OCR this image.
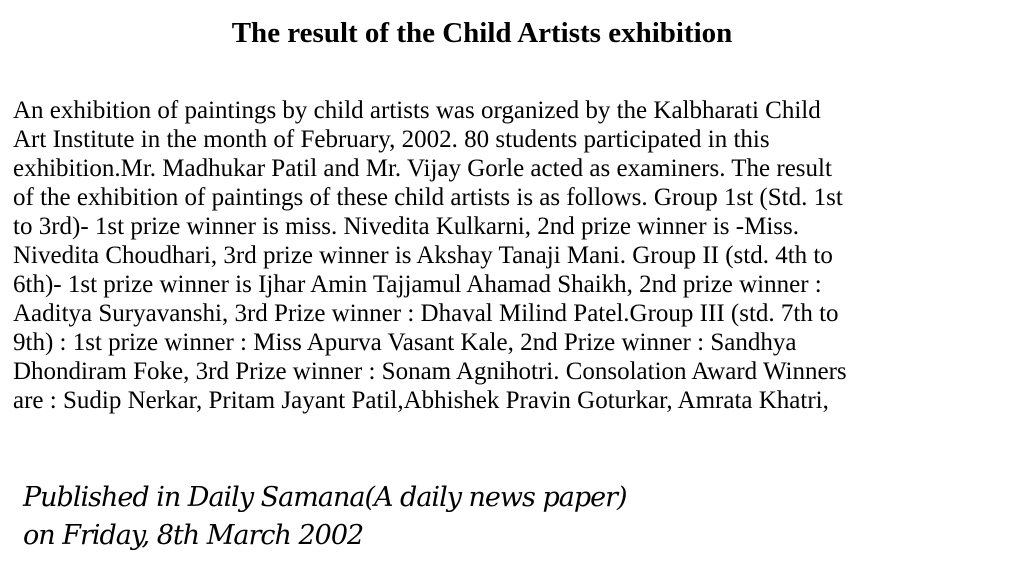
The result of the Child Artists exhibition
An exhibition of paintings by child artists was organized by the Kalbharati Child
Art Institute in the month of February, 2002. 80 students participated in this
exhibition.Mr. Madhukar Patil and Mr. Vijay Gorle acted as examiners. The result
of the exhibition of paintings of these child artists is as follows. Group 1st (Std. 1st
to 3rd)- 1st prize winner is miss. Nivedita Kulkarni, 2nd prize winner is -Miss.
Nivedita Choudhari, 3rd prize winner is Akshay Tanaji Mani. Group II (std. 4th to
6th)- 1st prize winner is Ijhar Amin Tajjamul Ahamad Shaikh, 2nd prize winner :
Aaditya Suryavanshi, 3rd Prize winner : Dhaval Milind Patel.Group III (std. 7th to
9th) : 1st prize winner : Miss Apurva Vasant Kale, 2nd Prize winner : Sandhya
Dhondiram Foke, 3rd Prize winner : Sonam Agnihotri. Consolation Award Winners
are : Sudip Nerkar, Pritam Jayant Patil,Abhishek Pravin Goturkar, Amrata Khatri,
Published in Daily Samana(A daily news paper)
on Friday, 8th March 2002
